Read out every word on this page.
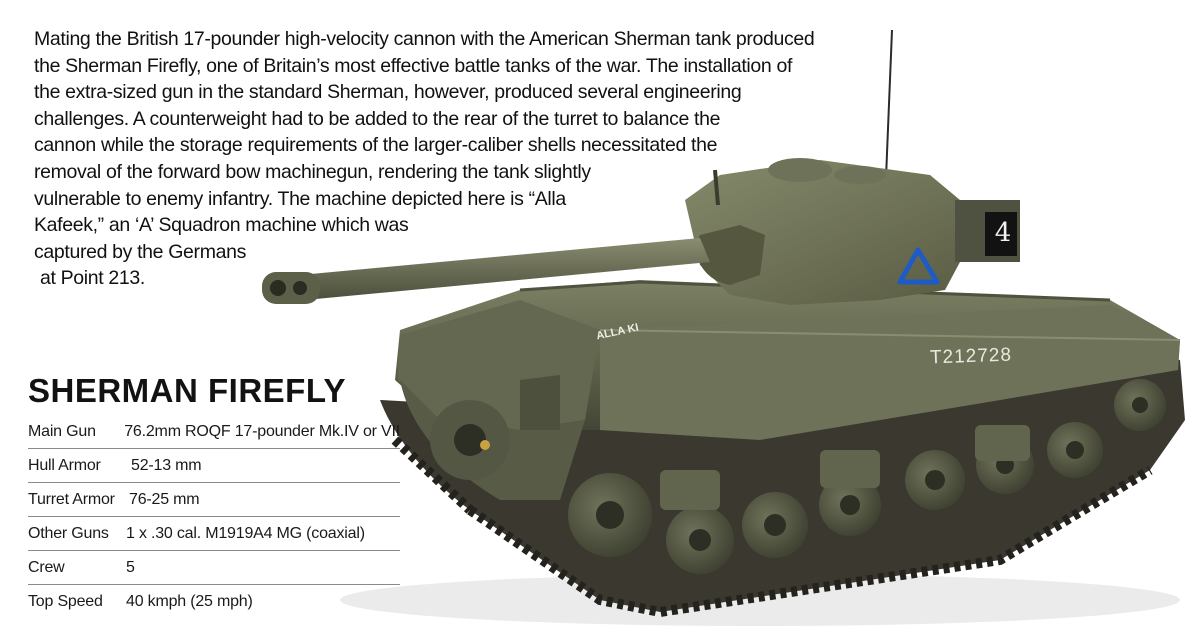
4
T212728
ALLA KI
Mating the British 17-pounder high-velocity cannon with the American Sherman tank produced
the Sherman Firefly, one of Britain’s most effective battle tanks of the war. The installation of
the extra-sized gun in the standard Sherman, however, produced several engineering
challenges. A counterweight had to be added to the rear of the turret to balance the
cannon while the storage requirements of the larger-caliber shells necessitated the
removal of the forward bow machinegun, rendering the tank slightly
vulnerable to enemy infantry. The machine depicted here is “Alla
Kafeek,” an ‘A’ Squadron machine which was
captured by the Germans
at Point 213.
SHERMAN FIREFLY
Main Gun	76.2mm ROQF 17-pounder Mk.IV or VII
Hull Armor	52-13 mm
Turret Armor 76-25 mm
Other Guns	1 x .30 cal. M1919A4 MG (coaxial)
Crew	5
Top Speed	40 kmph (25 mph)
